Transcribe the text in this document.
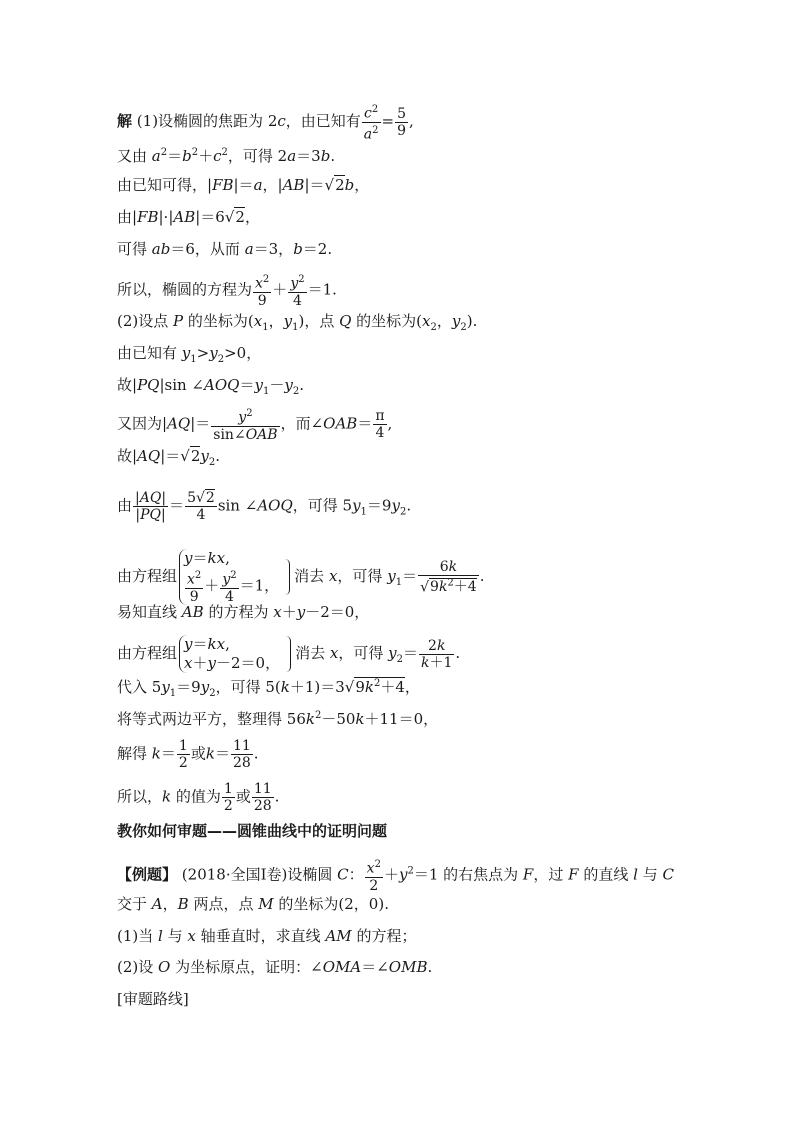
解 (1)设椭圆的焦距为 2c，由已知有 $\frac{c^2}{a^2} = \frac{5}{9}$ ,
又由 $a^2=b^2+c^2$，可得 2a＝3b.
由已知可得，|FB|＝a，|AB|＝√2b，
由|FB|·|AB|＝6√2，
可得 ab＝6，从而 a＝3，b＝2.
所以，椭圆的方程为 $\frac{x^2}{9} + \frac{y^2}{4} =1$.
(2)设点 P 的坐标为($x_1$，$y_1$)，点 Q 的坐标为($x_2$，$y_2$).
由已知有 $y_1>y_2>0$，
故|PQ|sin $\angle AOQ=y_1-y_2$.
又因为$|AQ|= \frac{y^2}{\text{sin∠OAB}}$ ，而∠OAB＝ $\frac{\pi}{4}$ ,
故$|AQ|=√2y_2$.
由 $\frac{|AQ|}{|PQ|} = \frac{5√2}{4}$ sin ∠AOQ，可得 $5y_1=9y_2$.
由方程组
y＝kx,
$\frac{x^2}{9} + \frac{y^2}{4} =1$，
消去 x，可得 $y_1= \frac{6k}{√9k^2+4}$ .
易知直线 AB 的方程为 x＋y－2＝0，
由方程组 y＝kx,
x＋y－2＝0，
消去 x，可得 $y_2= \frac{2k}{k+1}$ .
代入 $5y_1=9y_2$，可得 $5(k+1)=3√9k^2+4$，
将等式两边平方，整理得 $56k^2-50k+11=0$，
解得 $k= \frac{1}{2}$ 或$k= \frac{11}{28}$ .
所以，k 的值为 $\frac{1}{2}$ 或 $\frac{11}{28}$ .
教你如何审题——圆锥曲线中的证明问题
【例题】 (2018·全国Ⅰ卷)设椭圆 C： $\frac{x^2}{2} +y^2=1$ 的右焦点为 F，过 F 的直线 l 与 C
交于 A，B 两点，点 M 的坐标为(2，0).
(1)当 l 与 x 轴垂直时，求直线 AM 的方程；
(2)设 O 为坐标原点，证明：∠OMA＝∠OMB.
[审题路线]
